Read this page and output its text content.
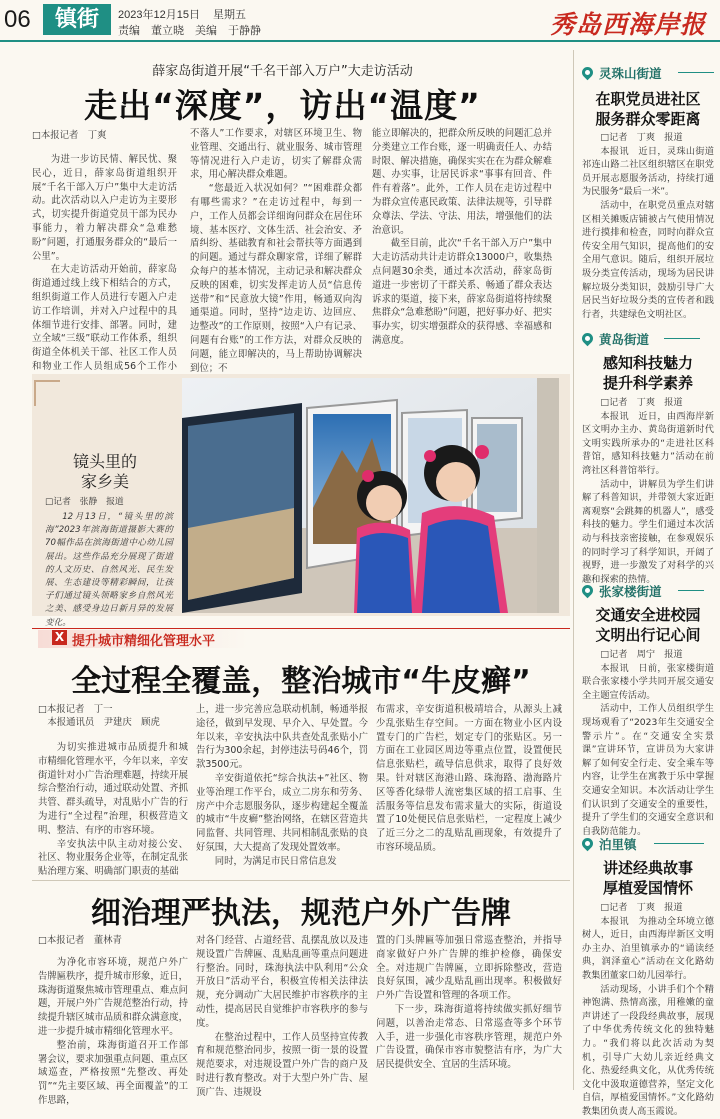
06	镇街	2023年12月15日 星期五
责编　董立晓　美编　于静静	秀岛西海岸报
薛家岛街道开展“千名干部入万户”大走访活动
走出“深度”，访出“温度”
□本报记者　丁爽

为进一步访民情、解民忧、聚民心，近日，薛家岛街道组织开展“千名干部入万户”集中大走访活动。此次活动以入户走访为主要形式，切实提升街道党员干部为民办事能力，着力解决群众“急难愁盼”问题，打通服务群众的“最后一公里”。

在大走访活动开始前，薛家岛街道通过线上线下相结合的方式，组织街道工作人员进行专题入户走访工作培训，并对入户过程中的具体细节进行安排、部署。同时，建立全域“三级”联动工作体系，组织街道全体机关干部、社区工作人员和物业工作人员组成56个工作小

不落人”工作要求，对辖区环境卫生、物业管理、交通出行、就业服务、城市管理等情况进行入户走访，切实了解群众需求，用心解决群众难题。

“您最近入状况如何？”“困难群众都有哪些需求？”在走访过程中，每到一户，工作人员都会详细询问群众在居住环境、基本医疗、文体生活、社会治安、矛盾纠纷、基础教育和社会帮扶等方面遇到的问题。通过与群众聊家常，详细了解群众每户的基本情况，主动记录和解决群众反映的困难，切实发挥走访人员“信息传送带”和“民意放大镜”作用，畅通双向沟通渠道。同时，坚持“边走访、边回应、边整改”的工作原则，按照“入户有记录、问题有台账”的工作方法，对群众反映的问题，能立即解决的，马上帮助协调解决到位；不

能立即解决的，把群众所反映的问题汇总并分类建立工作台账，逐一明确责任人、办结时限、解决措施，确保实实在在为群众解难题、办实事，让居民诉求“事事有回音、件件有着落”。此外，工作人员在走访过程中为群众宣传惠民政策、法律法规等，引导群众尊法、学法、守法、用法，增强他们的法治意识。

截至目前，此次“千名干部入万户”集中大走访活动共计走访群众13000户，收集热点问题30余类，通过本次活动，薛家岛街道进一步密切了干群关系、畅通了群众表达诉求的渠道，接下来，薛家岛街道将持续聚焦群众“急难愁盼”问题，把好事办好、把实事办实，切实增强群众的获得感、幸福感和满意度。

镜头里的
家乡美
□记者　张静　报道
12月13日，“镜头里的滨海”2023年滨海街道摄影大赛的70幅作品在滨海街道中心幼儿园展出。这些作品充分展现了街道的人文历史、自然风光、民生发展、生态建设等精彩瞬间，让孩子们通过镜头领略家乡自然风光之美、感受身边日新月异的发展变化。
X 提升城市精细化管理水平
全过程全覆盖，整治城市“牛皮癣”
□本报记者　丁一
　本报通讯员　尹建庆　顾虎

为切实推进城市品质提升和城市精细化管理水平，今年以来，辛安街道针对小广告治理难题，持续开展综合整治行动，通过联动处置、齐抓共管、群头疏导，对乱贴小广告的行为进行“全过程”治理，积极营造文明、整洁、有序的市容环境。

辛安执法中队主动对接公安、社区、物业服务企业等，在制定乱张贴治理方案、明确部门职责的基础

上，进一步完善应急联动机制，畅通举报途径，做到早发现、早介入、早处置。今年以来，辛安执法中队共查处乱张贴小广告行为300余起，封停违法号码46个，罚款3500元。

辛安街道依托“综合执法+”社区、物业等治理工作平台，成立二房东和劳务、房产中介志愿服务队，逐步构建起全覆盖的城市“牛皮癣”整治网络，在辖区营造共同监督、共同管理、共同相制乱张贴的良好氛围，大大提高了发现处置效率。

同时，为满足市民日常信息发

布需求，辛安街道积极靖培合，从源头上减少乱张贴生存空间。一方面在物业小区内设置专门的广告栏，划定专门的张贴区。另一方面在工业园区周边等重点位置，设置便民信息张贴栏，疏导信息供求，取得了良好效果。针对辖区海港山路、珠海路、渤海路片区等香化绿带人流密集区域的招工启事、生活服务等信息发布需求量大的实际，街道设置了10处便民信息张贴栏，一定程度上减少了近三分之二的乱贴乱画现象，有效提升了市容环境品质。

细治理严执法，规范户外广告牌
□本报记者　董林青

为净化市容环境，规范户外广告牌匾秩序，提升城市形象，近日，珠海街道聚焦城市管理重点、难点问题，开展户外广告规范整治行动，持续提升辖区城市品质和群众满意度，进一步提升城市精细化管理水平。

整治前，珠海街道召开工作部署会议，要求加强重点问题、重点区域巡查，严格按照“先整改、再处罚”“先主要区域、再全面覆盖”的工作思路，

对各门经营、占道经营、乱摆乱放以及违规设置广告牌匾、乱贴乱画等重点问题进行整治。同时，珠海执法中队利用“公众开放日”活动平台，积极宣传相关法律法规，充分调动广大居民维护市容秩序的主动性，提高居民自觉维护市容秩序的参与度。

在整治过程中，工作人员坚持宣传教育和规范整治同步，按照一街一景的设置规范要求，对违规设置户外广告的商户及时进行教育整改。对于大型户外广告、屋顶广告、违规设

置的门头牌匾等加强日常巡查整治，并指导商家做好户外广告牌的维护检修，确保安全。对违规广告牌匾，立即拆除整改，营造良好氛围，减少乱贴乱画出现率。积极做好户外广告设置和管理的各项工作。

下一步，珠海街道将持续做实抓好细节问题，以善治走常态、日常巡查等多个环节入手，进一步强化市容秩序管理，规范户外广告设置，确保市容市貌整洁有序，为广大居民提供安全、宜居的生活环境。

灵珠山街道
在职党员进社区
服务群众零距离
□记者　丁爽　报道

本报讯　近日，灵珠山街道祁连山路二社区组织辖区在职党员开展志愿服务活动，持续打通为民服务“最后一米”。

活动中，在职党员重点对辖区相关摊贩店铺被占气使用情况进行摸排和检查，同时向群众宣传安全用气知识，提高他们的安全用气意识。随后，组织开展垃圾分类宣传活动，现场为居民讲解垃圾分类知识，鼓励引导广大居民当好垃圾分类的宣传者和践行者，共建绿色文明社区。

黄岛街道
感知科技魅力
提升科学素养
□记者　丁爽　报道

本报讯　近日，由西海岸新区文明办主办、黄岛街道新时代文明实践所承办的“走进社区科普馆，感知科技魅力”活动在前湾社区科普馆举行。

活动中，讲解员为学生们讲解了科普知识，并带领大家近距离观察“会跳舞的机器人”，感受科技的魅力。学生们通过本次活动与科技亲密接触，在参观娱乐的同时学习了科学知识，开阔了视野，进一步激发了对科学的兴趣和探索的热情。

张家楼街道
交通安全进校园
文明出行记心间
□记者　周宁　报道

本报讯　日前，张家楼街道联合张家楼小学共同开展交通安全主题宣传活动。

活动中，工作人员组织学生现场观看了“2023年生交通安全警示片”。在“交通安全实景课”宣讲环节，宣讲员为大家讲解了如何安全行走、安全乘车等内容，让学生在寓教于乐中掌握交通安全知识。本次活动让学生们认识到了交通安全的重要性，提升了学生们的交通安全意识和自我防范能力。

泊里镇
讲述经典故事
厚植爱国情怀
□记者　丁爽　报道

本报讯　为推动全环境立德树人，近日，由西海岸新区文明办主办、泊里镇承办的“诵读经典，润泽童心”活动在文化路幼教集团董家口幼儿园举行。

活动现场，小讲手们个个精神饱满、热情高涨，用稚嫩的童声讲述了一段段经典故事，展现了中华优秀传统文化的独特魅力。“我们将以此次活动为契机，引导广大幼儿亲近经典文化、热爱经典文化，从优秀传统文化中汲取道德营养，坚定文化自信，厚植爱国情怀。”文化路幼教集团负责人高玉霞说。
